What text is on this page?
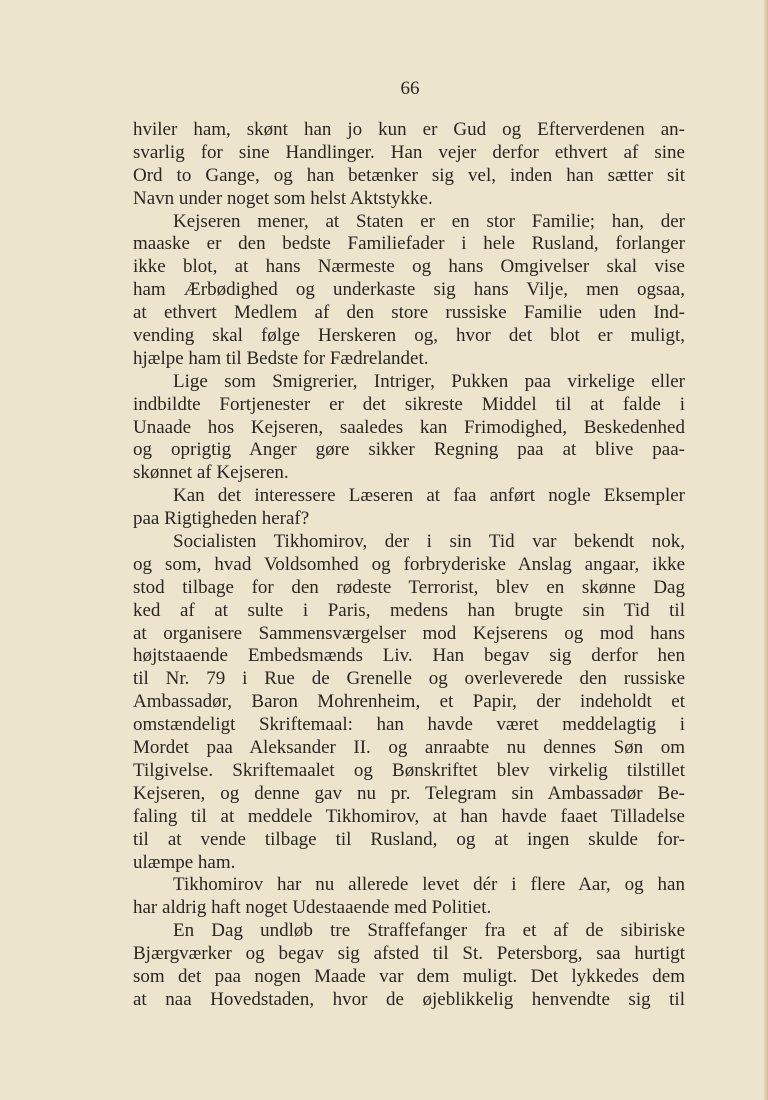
66
hviler ham, skønt han jo kun er Gud og Efterverdenen an-
svarlig for sine Handlinger. Han vejer derfor ethvert af sine
Ord to Gange, og han betænker sig vel, inden han sætter sit
Navn under noget som helst Aktstykke.
Kejseren mener, at Staten er en stor Familie; han, der
maaske er den bedste Familiefader i hele Rusland, forlanger
ikke blot, at hans Nærmeste og hans Omgivelser skal vise
ham Ærbødighed og underkaste sig hans Vilje, men ogsaa,
at ethvert Medlem af den store russiske Familie uden Ind-
vending skal følge Herskeren og, hvor det blot er muligt,
hjælpe ham til Bedste for Fædrelandet.
Lige som Smigrerier, Intriger, Pukken paa virkelige eller
indbildte Fortjenester er det sikreste Middel til at falde i
Unaade hos Kejseren, saaledes kan Frimodighed, Beskedenhed
og oprigtig Anger gøre sikker Regning paa at blive paa-
skønnet af Kejseren.
Kan det interessere Læseren at faa anført nogle Eksempler
paa Rigtigheden heraf?
Socialisten Tikhomirov, der i sin Tid var bekendt nok,
og som, hvad Voldsomhed og forbryderiske Anslag angaar, ikke
stod tilbage for den rødeste Terrorist, blev en skønne Dag
ked af at sulte i Paris, medens han brugte sin Tid til
at organisere Sammensværgelser mod Kejserens og mod hans
højtstaaende Embedsmænds Liv. Han begav sig derfor hen
til Nr. 79 i Rue de Grenelle og overleverede den russiske
Ambassadør, Baron Mohrenheim, et Papir, der indeholdt et
omstændeligt Skriftemaal: han havde været meddelagtig i
Mordet paa Aleksander II. og anraabte nu dennes Søn om
Tilgivelse. Skriftemaalet og Bønskriftet blev virkelig tilstillet
Kejseren, og denne gav nu pr. Telegram sin Ambassadør Be-
faling til at meddele Tikhomirov, at han havde faaet Tilladelse
til at vende tilbage til Rusland, og at ingen skulde for-
ulæmpe ham.
Tikhomirov har nu allerede levet dér i flere Aar, og han
har aldrig haft noget Udestaaende med Politiet.
En Dag undløb tre Straffefanger fra et af de sibiriske
Bjærgværker og begav sig afsted til St. Petersborg, saa hurtigt
som det paa nogen Maade var dem muligt. Det lykkedes dem
at naa Hovedstaden, hvor de øjeblikkelig henvendte sig til
